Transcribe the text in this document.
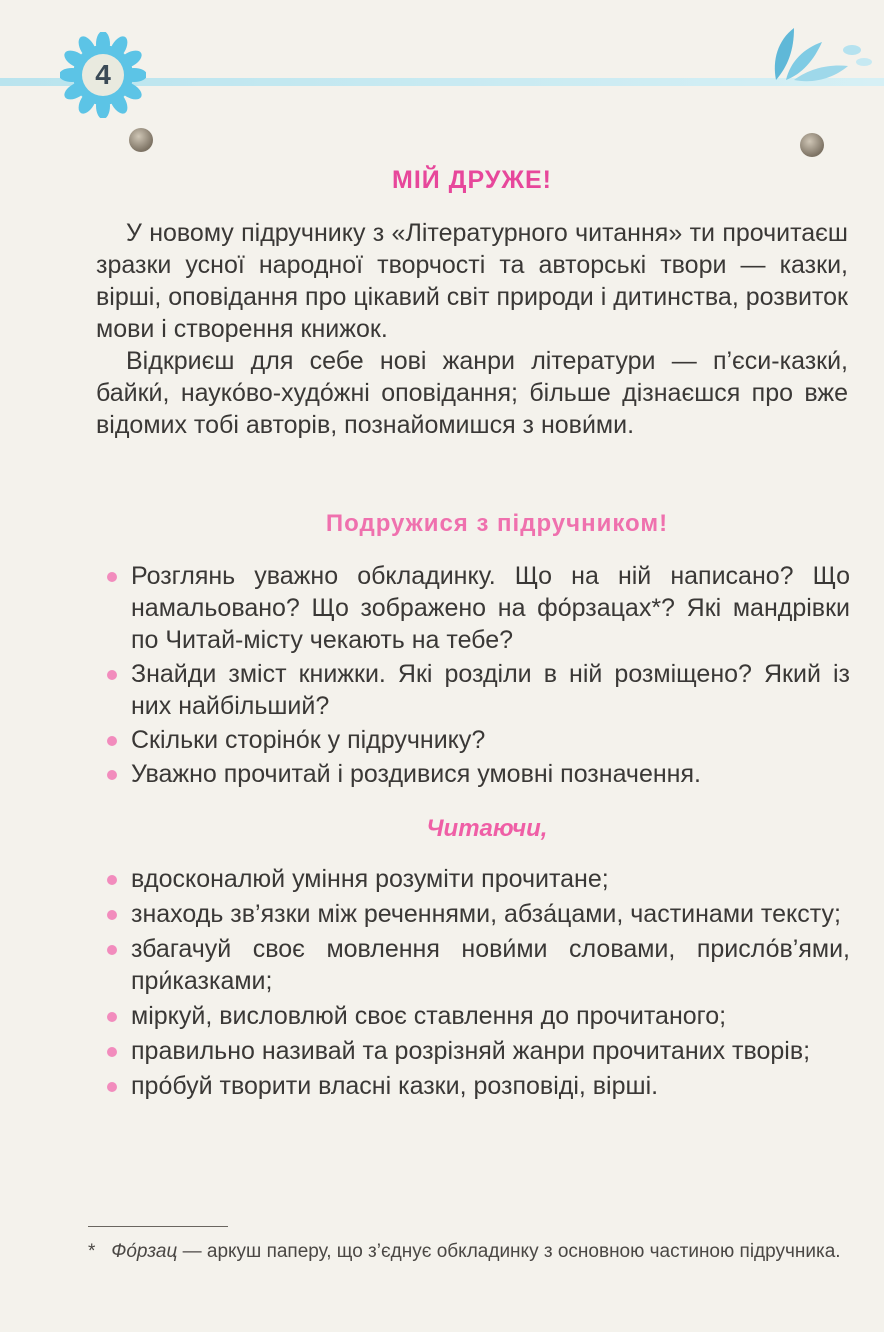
4
МІЙ ДРУЖЕ!

У новому підручнику з «Літературного читання» ти прочитаєш зразки усної народної творчості та авторські твори — казки, вірші, оповідання про цікавий світ природи і дитинства, розвиток мови і створення книжок.

Відкриєш для себе нові жанри літератури — п’єси-казки́, байки́, науко́во-худо́жні оповідання; більше дізнаєшся про вже відомих тобі авторів, познайомишся з нови́ми.

Подружися з підручником!
Розглянь уважно обкладинку. Що на ній написано? Що намальовано? Що зображено на фо́рзацах*? Які мандрівки по Читай-місту чекають на тебе?
Знайди зміст книжки. Які розділи в ній розміщено? Який із них найбільший?
Скільки сторіно́к у підручнику?
Уважно прочитай і роздивися умовні позначення.
Читаючи,
вдосконалюй уміння розуміти прочитане;
знаходь зв’язки між реченнями, абза́цами, частинами тексту;
збагачуй своє мовлення нови́ми словами, присло́в’ями, при́казками;
міркуй, висловлюй своє ставлення до прочитаного;
правильно називай та розрізняй жанри прочитаних творів;
про́буй творити власні казки, розповіді, вірші.
* Фо́рзац — аркуш паперу, що з’єднує обкладинку з основною частиною підручника.
